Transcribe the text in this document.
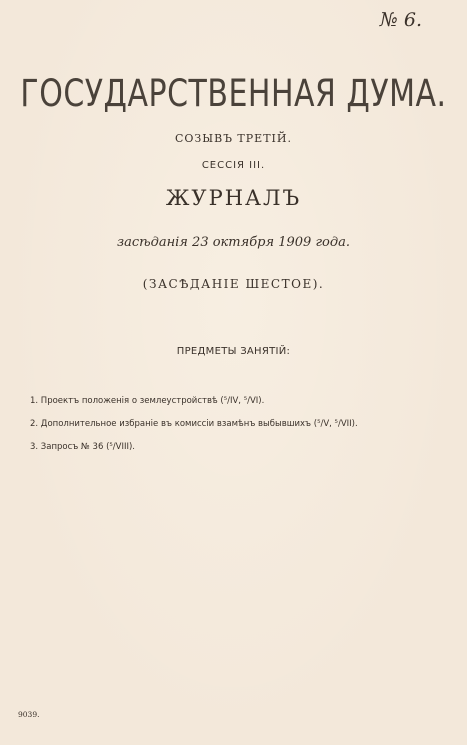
№ 6.
ГОСУДАРСТВЕННАЯ ДУМА.
СОЗЫВЪ ТРЕТІЙ.
СЕССІЯ III.
ЖУРНАЛЪ
засѣданія 23 октября 1909 года.
(ЗАСѢДАНІЕ ШЕСТОЕ).
ПРЕДМЕТЫ ЗАНЯТІЙ:
1. Проектъ положенія о землеустройствѣ (⁵/IV, ⁵/VI).
2. Дополнительное избраніе въ комиссіи взамѣнъ выбывшихъ (⁵/V, ⁵/VII).
3. Запросъ № 36 (⁵/VIII).
9039.
